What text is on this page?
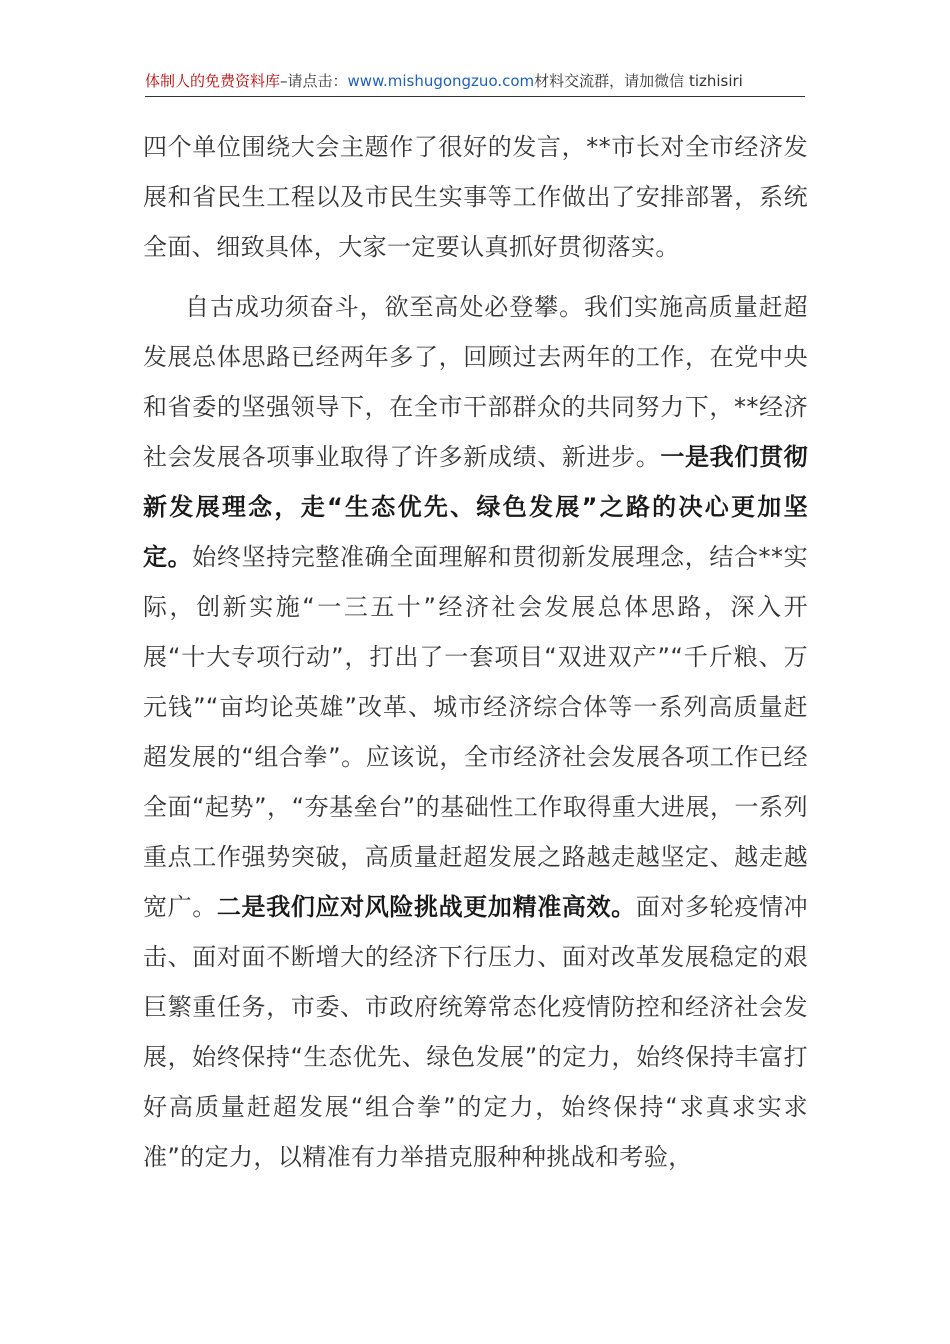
体制人的免费资料库–请点击：www.mishugongzuo.com材料交流群，请加微信 tizhisiri

四个单位围绕大会主题作了很好的发言，**市长对全市经济发展和省民生工程以及市民生实事等工作做出了安排部署，系统全面、细致具体，大家一定要认真抓好贯彻落实。

自古成功须奋斗，欲至高处必登攀。我们实施高质量赶超发展总体思路已经两年多了，回顾过去两年的工作，在党中央和省委的坚强领导下，在全市干部群众的共同努力下，**经济社会发展各项事业取得了许多新成绩、新进步。一是我们贯彻新发展理念，走“生态优先、绿色发展”之路的决心更加坚定。始终坚持完整准确全面理解和贯彻新发展理念，结合**实际，创新实施“一三五十”经济社会发展总体思路，深入开展“十大专项行动”，打出了一套项目“双进双产”“千斤粮、万元钱”“亩均论英雄”改革、城市经济综合体等一系列高质量赶超发展的“组合拳”。应该说，全市经济社会发展各项工作已经全面“起势”，“夯基垒台”的基础性工作取得重大进展，一系列重点工作强势突破，高质量赶超发展之路越走越坚定、越走越宽广。二是我们应对风险挑战更加精准高效。面对多轮疫情冲击、面对面不断增大的经济下行压力、面对改革发展稳定的艰巨繁重任务，市委、市政府统筹常态化疫情防控和经济社会发展，始终保持“生态优先、绿色发展”的定力，始终保持丰富打好高质量赶超发展“组合拳”的定力，始终保持“求真求实求准”的定力，以精准有力举措克服种种挑战和考验，
